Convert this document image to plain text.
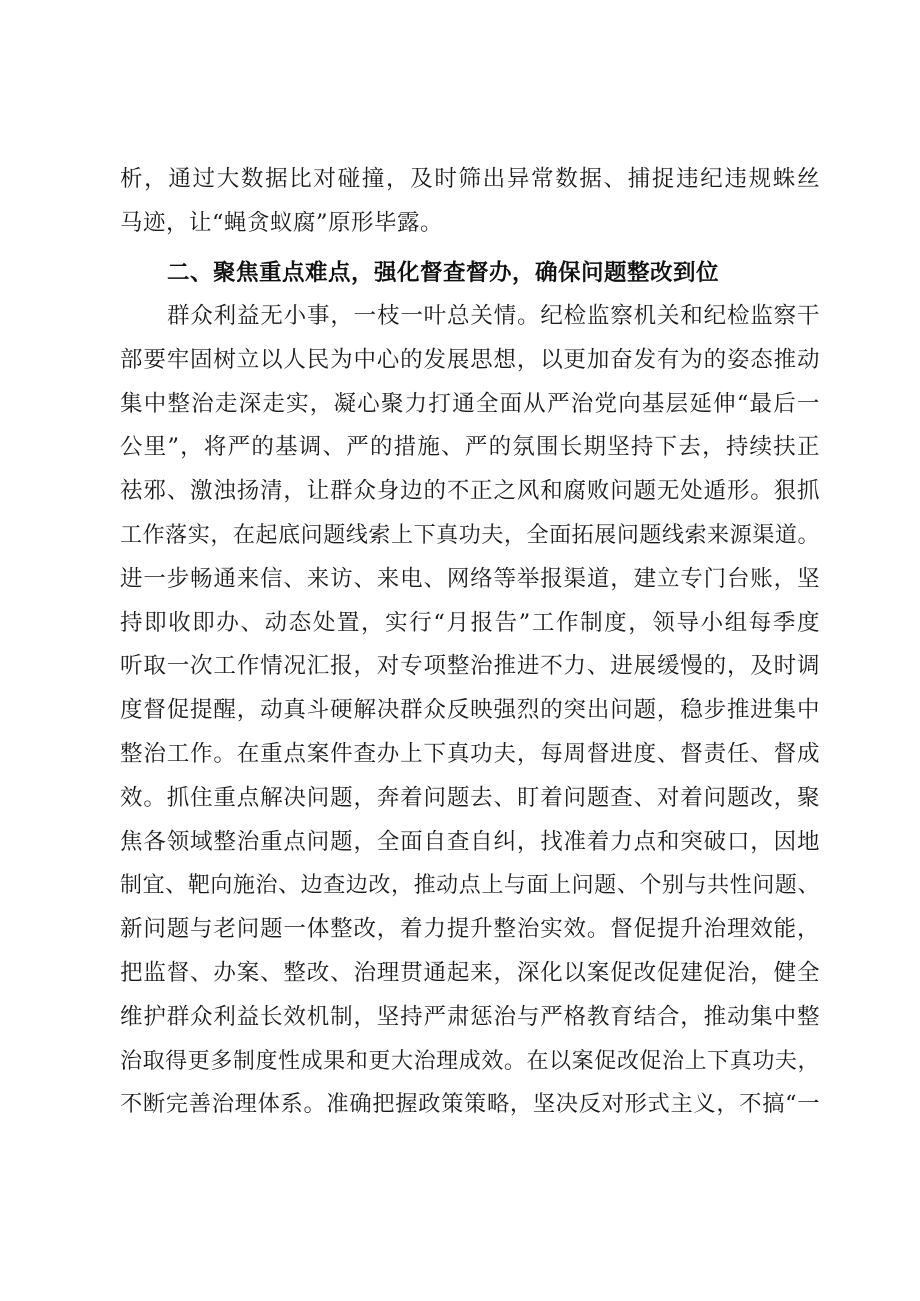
析，通过大数据比对碰撞，及时筛出异常数据、捕捉违纪违规蛛丝
马迹，让“蝇贪蚁腐”原形毕露。
二、聚焦重点难点，强化督查督办，确保问题整改到位
群众利益无小事，一枝一叶总关情。纪检监察机关和纪检监察干
部要牢固树立以人民为中心的发展思想，以更加奋发有为的姿态推动
集中整治走深走实，凝心聚力打通全面从严治党向基层延伸“最后一
公里”，将严的基调、严的措施、严的氛围长期坚持下去，持续扶正
祛邪、激浊扬清，让群众身边的不正之风和腐败问题无处遁形。狠抓
工作落实，在起底问题线索上下真功夫，全面拓展问题线索来源渠道。
进一步畅通来信、来访、来电、网络等举报渠道，建立专门台账，坚
持即收即办、动态处置，实行“月报告”工作制度，领导小组每季度
听取一次工作情况汇报，对专项整治推进不力、进展缓慢的，及时调
度督促提醒，动真斗硬解决群众反映强烈的突出问题，稳步推进集中
整治工作。在重点案件查办上下真功夫，每周督进度、督责任、督成
效。抓住重点解决问题，奔着问题去、盯着问题查、对着问题改，聚
焦各领域整治重点问题，全面自查自纠，找准着力点和突破口，因地
制宜、靶向施治、边查边改，推动点上与面上问题、个别与共性问题、
新问题与老问题一体整改，着力提升整治实效。督促提升治理效能，
把监督、办案、整改、治理贯通起来，深化以案促改促建促治，健全
维护群众利益长效机制，坚持严肃惩治与严格教育结合，推动集中整
治取得更多制度性成果和更大治理成效。在以案促改促治上下真功夫，
不断完善治理体系。准确把握政策策略，坚决反对形式主义，不搞“一
